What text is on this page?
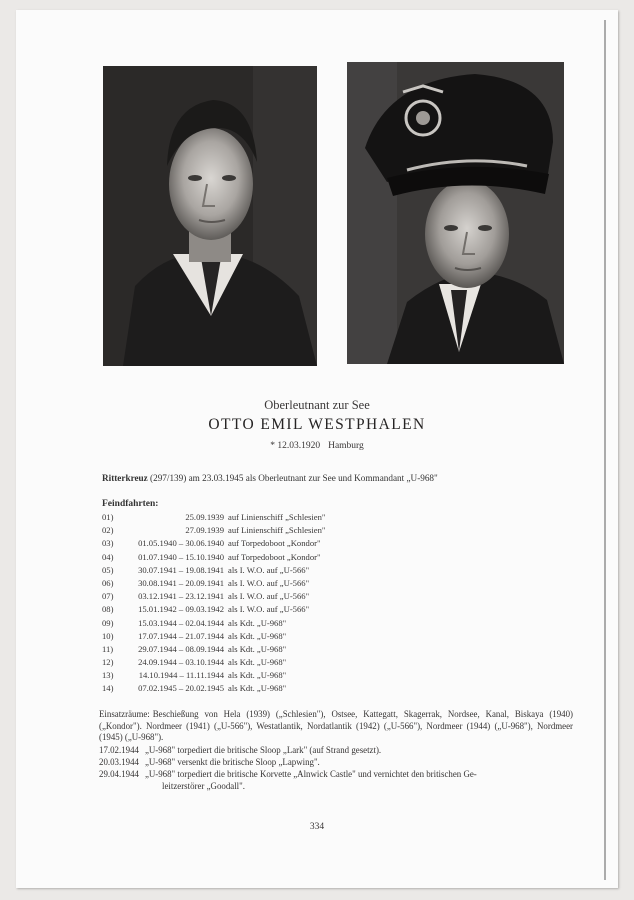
Oberleutnant zur See
OTTO EMIL WESTPHALEN
* 12.03.1920 Hamburg
Ritterkreuz (297/139) am 23.03.1945 als Oberleutnant zur See und Kommandant „U-968"
Feindfahrten:
01)	25.09.1939 auf Linienschiff „Schlesien"
02)	27.09.1939 auf Linienschiff „Schlesien"
03)	01.05.1940 – 30.06.1940 auf Torpedoboot „Kondor"
04)	01.07.1940 – 15.10.1940 auf Torpedoboot „Kondor"
05)	30.07.1941 – 19.08.1941 als I. W.O. auf „U-566"
06)	30.08.1941 – 20.09.1941 als I. W.O. auf „U-566"
07)	03.12.1941 – 23.12.1941 als I. W.O. auf „U-566"
08)	15.01.1942 – 09.03.1942 als I. W.O. auf „U-566"
09)	15.03.1944 – 02.04.1944 als Kdt. „U-968"
10)	17.07.1944 – 21.07.1944 als Kdt. „U-968"
11)	29.07.1944 – 08.09.1944 als Kdt. „U-968"
12)	24.09.1944 – 03.10.1944 als Kdt. „U-968"
13)	14.10.1944 – 11.11.1944 als Kdt. „U-968"
14)	07.02.1945 – 20.02.1945 als Kdt. „U-968"
Einsatzräume: Beschießung von Hela (1939) („Schlesien"), Ostsee, Kattegatt, Skagerrak, Nordsee, Kanal, Biskaya (1940) („Kondor"). Nordmeer (1941) („U-566"), Westatlantik, Nordatlantik (1942) („U-566"), Nordmeer (1944) („U-968"), Nordmeer (1945) („U-968").
17.02.1944 „U-968" torpediert die britische Sloop „Lark" (auf Strand gesetzt).
20.03.1944 „U-968" versenkt die britische Sloop „Lapwing".
29.04.1944 „U-968" torpediert die britische Korvette „Alnwick Castle" und vernichtet den britischen Ge-
leitzerstörer „Goodall".
334
